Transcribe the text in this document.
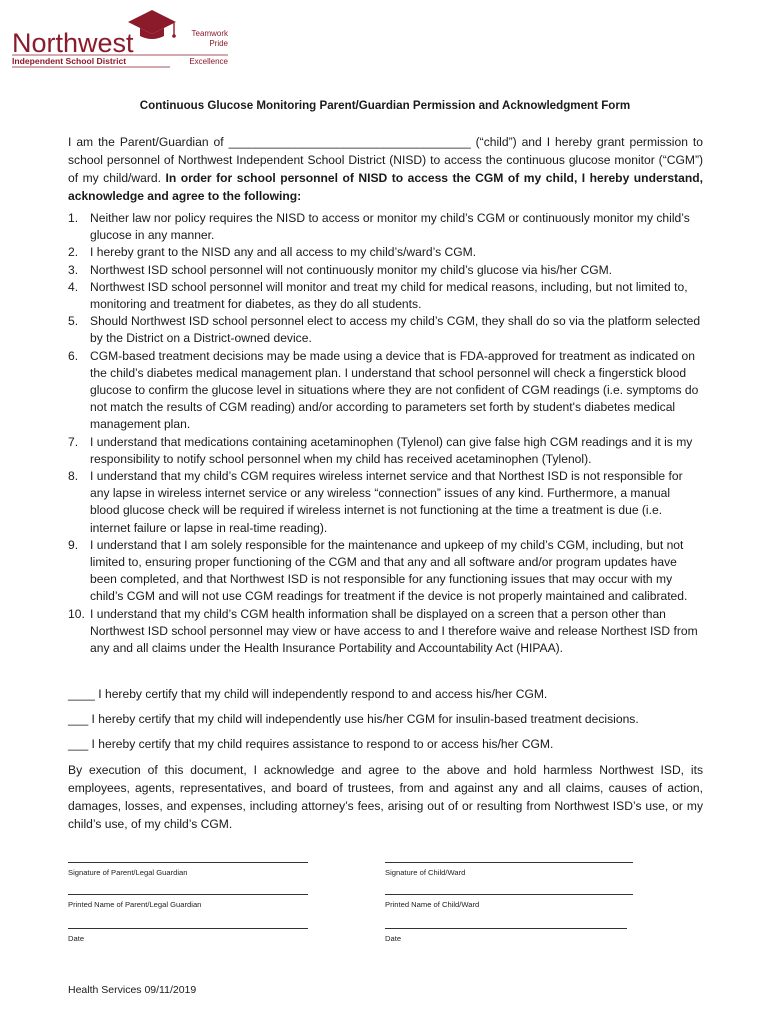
Northwest
Independent School District
Teamwork
Pride
Excellence
Continuous Glucose Monitoring Parent/Guardian Permission and Acknowledgment Form
I am the Parent/Guardian of ____________________________________ (“child”) and I hereby grant permission to school personnel of Northwest Independent School District (NISD) to access the continuous glucose monitor (“CGM”) of my child/ward. In order for school personnel of NISD to access the CGM of my child, I hereby understand, acknowledge and agree to the following:
1. Neither law nor policy requires the NISD to access or monitor my child’s CGM or continuously monitor my child’s glucose in any manner.
2. I hereby grant to the NISD any and all access to my child’s/ward’s CGM.
3. Northwest ISD school personnel will not continuously monitor my child’s glucose via his/her CGM.
4. Northwest ISD school personnel will monitor and treat my child for medical reasons, including, but not limited to, monitoring and treatment for diabetes, as they do all students.
5. Should Northwest ISD school personnel elect to access my child’s CGM, they shall do so via the platform selected by the District on a District-owned device.
6. CGM-based treatment decisions may be made using a device that is FDA-approved for treatment as indicated on the child’s diabetes medical management plan. I understand that school personnel will check a fingerstick blood glucose to confirm the glucose level in situations where they are not confident of CGM readings (i.e. symptoms do not match the results of CGM reading) and/or according to parameters set forth by student's diabetes medical management plan.
7. I understand that medications containing acetaminophen (Tylenol) can give false high CGM readings and it is my responsibility to notify school personnel when my child has received acetaminophen (Tylenol).
8. I understand that my child’s CGM requires wireless internet service and that Northest ISD is not responsible for any lapse in wireless internet service or any wireless “connection” issues of any kind. Furthermore, a manual blood glucose check will be required if wireless internet is not functioning at the time a treatment is due (i.e. internet failure or lapse in real-time reading).
9. I understand that I am solely responsible for the maintenance and upkeep of my child’s CGM, including, but not limited to, ensuring proper functioning of the CGM and that any and all software and/or program updates have been completed, and that Northwest ISD is not responsible for any functioning issues that may occur with my child’s CGM and will not use CGM readings for treatment if the device is not properly maintained and calibrated.
10. I understand that my child’s CGM health information shall be displayed on a screen that a person other than Northwest ISD school personnel may view or have access to and I therefore waive and release Northest ISD from any and all claims under the Health Insurance Portability and Accountability Act (HIPAA).
____ I hereby certify that my child will independently respond to and access his/her CGM.
___ I hereby certify that my child will independently use his/her CGM for insulin-based treatment decisions.
___ I hereby certify that my child requires assistance to respond to or access his/her CGM.
By execution of this document, I acknowledge and agree to the above and hold harmless Northwest ISD, its employees, agents, representatives, and board of trustees, from and against any and all claims, causes of action, damages, losses, and expenses, including attorney’s fees, arising out of or resulting from Northwest ISD’s use, or my child’s use, of my child’s CGM.
Signature of Parent/Legal Guardian	Signature of Child/Ward
Printed Name of Parent/Legal Guardian	Printed Name of Child/Ward
Date	Date
Health Services 09/11/2019
